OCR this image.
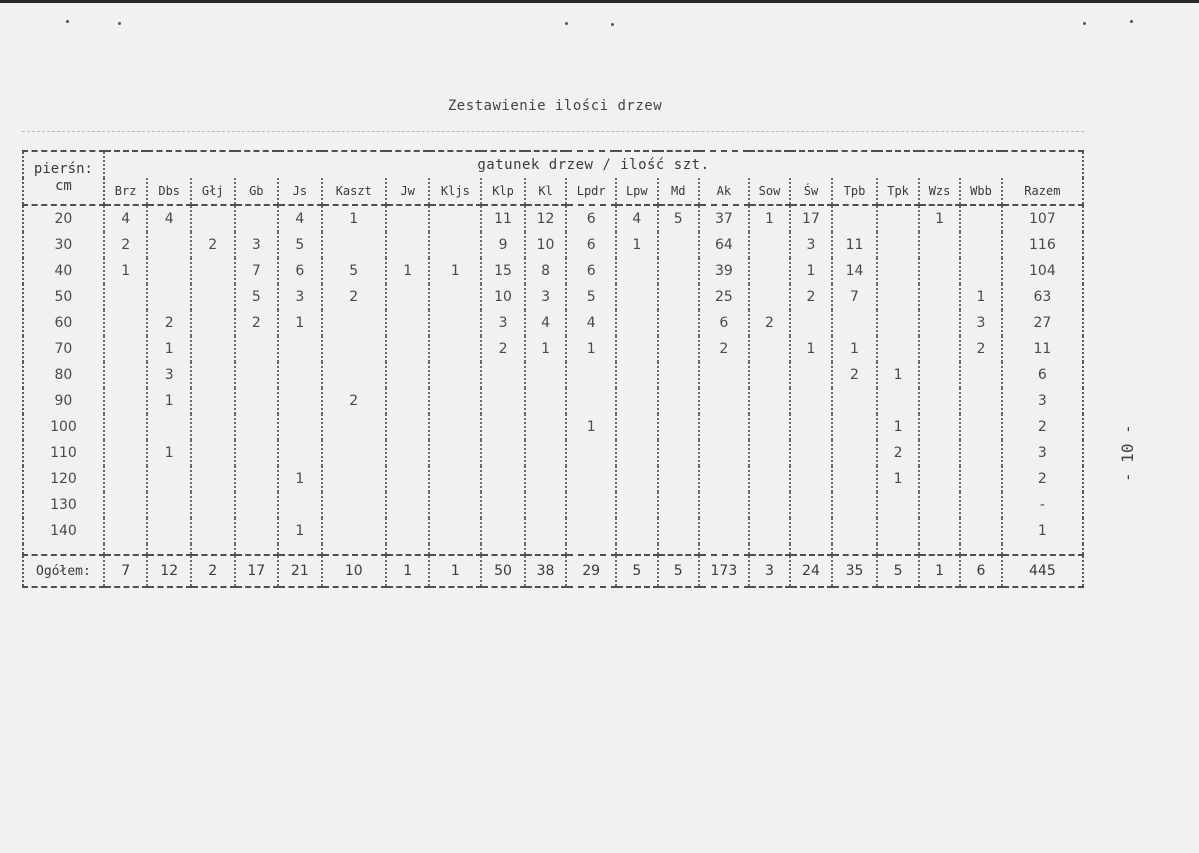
Zestawienie ilości drzew
pierśn:
cm	gatunek drzew / ilość szt.																				
	Brz	Dbs	Głj	Gb	Js	Kaszt	Jw	Kljs	Klp	Kl	Lpdr	Lpw	Md	Ak	Sow	Św	Tpb	Tpk	Wzs	Wbb	Razem
20	4	4			4	1			11	12	6	4	5	37	1	17			1		107
30	2		2	3	5				9	10	6	1		64		3	11				116
40	1			7	6	5	1	1	15	8	6			39		1	14				104
50				5	3	2			10	3	5			25		2	7			1	63
60		2		2	1				3	4	4			6	2					3	27
70		1							2	1	1			2		1	1			2	11
80		3															2	1			6
90		1				2															3
100											1							1			2
110		1																2			3
120					1													1			2
130																					-
140					1																1

Ogółem:	7	12	2	17	21	10	1	1	50	38	29	5	5	173	3	24	35	5	1	6	445
- 10 -
